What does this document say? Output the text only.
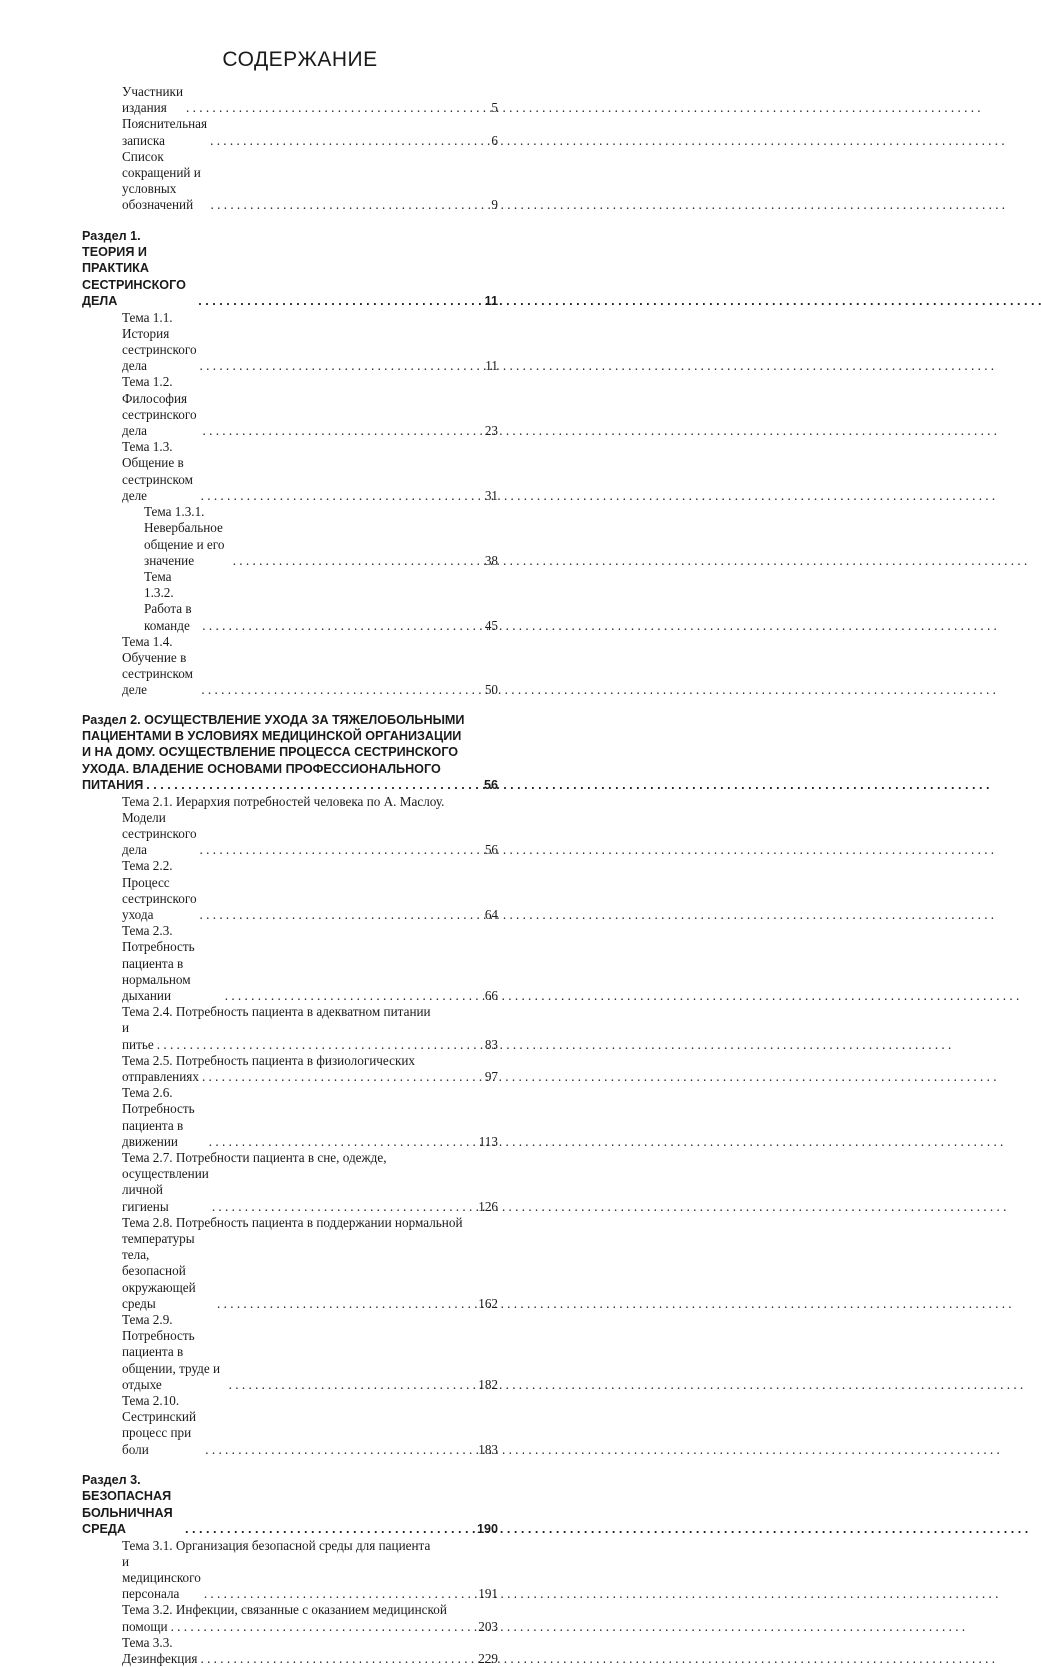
СОДЕРЖАНИЕ
Участники издания . . .	5
Пояснительная записка . . .	6
Список сокращений и условных обозначений . . .	9
Раздел 1. ТЕОРИЯ И ПРАКТИКА СЕСТРИНСКОГО ДЕЛА . . .	11
Тема 1.1. История сестринского дела . . .	11
Тема 1.2. Философия сестринского дела . . .	23
Тема 1.3. Общение в сестринском деле . . .	31
Тема 1.3.1. Невербальное общение и его значение . . .	38
Тема 1.3.2. Работа в команде . . .	45
Тема 1.4. Обучение в сестринском деле . . .	50
Раздел 2. ОСУЩЕСТВЛЕНИЕ УХОДА ЗА ТЯЖЕЛОБОЛЬНЫМИ
ПАЦИЕНТАМИ В УСЛОВИЯХ МЕДИЦИНСКОЙ ОРГАНИЗАЦИИ
И НА ДОМУ. ОСУЩЕСТВЛЕНИЕ ПРОЦЕССА СЕСТРИНСКОГО
УХОДА. ВЛАДЕНИЕ ОСНОВАМИ ПРОФЕССИОНАЛЬНОГО
ПИТАНИЯ . . .	56
Тема 2.1. Иерархия потребностей человека по А. Маслоу.
Модели сестринского дела . . .	56
Тема 2.2. Процесс сестринского ухода . . .	64
Тема 2.3. Потребность пациента в нормальном дыхании . . .	66
Тема 2.4. Потребность пациента в адекватном питании
и питье . . .	83
Тема 2.5. Потребность пациента в физиологических
отправлениях . . .	97
Тема 2.6. Потребность пациента в движении . . .	113
Тема 2.7. Потребности пациента в сне, одежде,
осуществлении личной гигиены . . .	126
Тема 2.8. Потребность пациента в поддержании нормальной
температуры тела, безопасной окружающей среды . . .	162
Тема 2.9. Потребность пациента в общении, труде и отдыхе . . .	182
Тема 2.10. Сестринский процесс при боли . . .	183
Раздел 3. БЕЗОПАСНАЯ БОЛЬНИЧНАЯ СРЕДА . . .	190
Тема 3.1. Организация безопасной среды для пациента
и медицинского персонала . . .	191
Тема 3.2. Инфекции, связанные с оказанием медицинской
помощи . . .	203
Тема 3.3. Дезинфекция . . .	229
